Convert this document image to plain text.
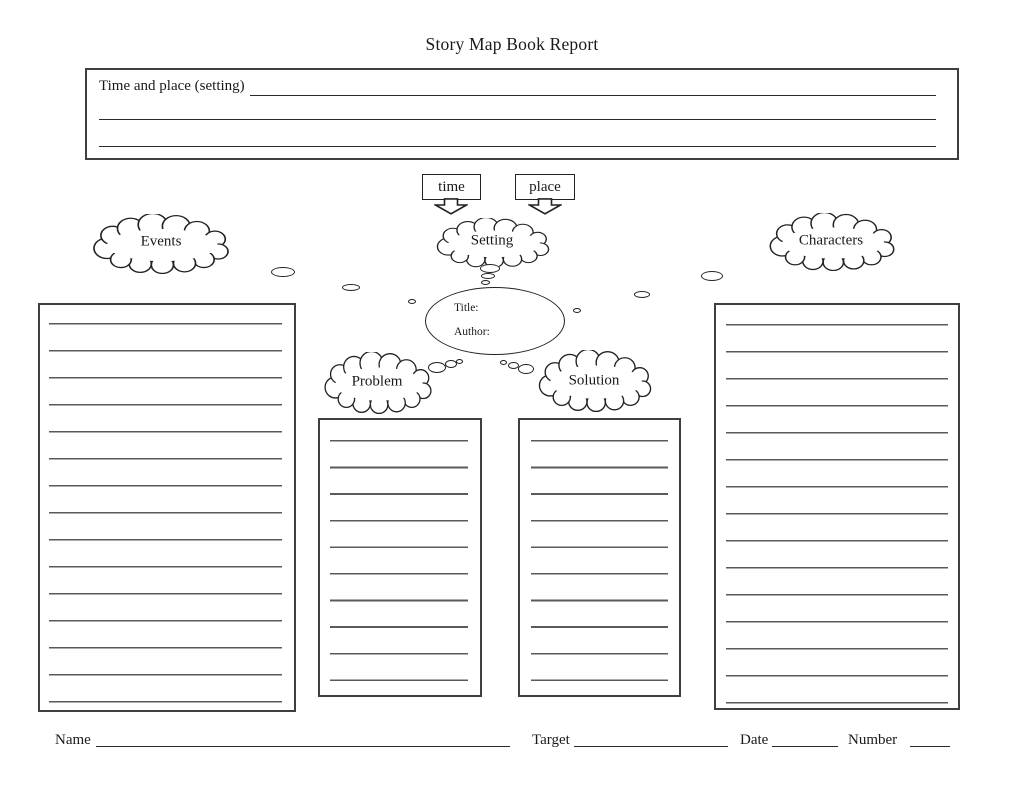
Story Map Book Report
Time and place (setting)
time	place
Events	Setting	Characters
Problem	Solution
Title:
Author:
Name	Target	Date	Number
